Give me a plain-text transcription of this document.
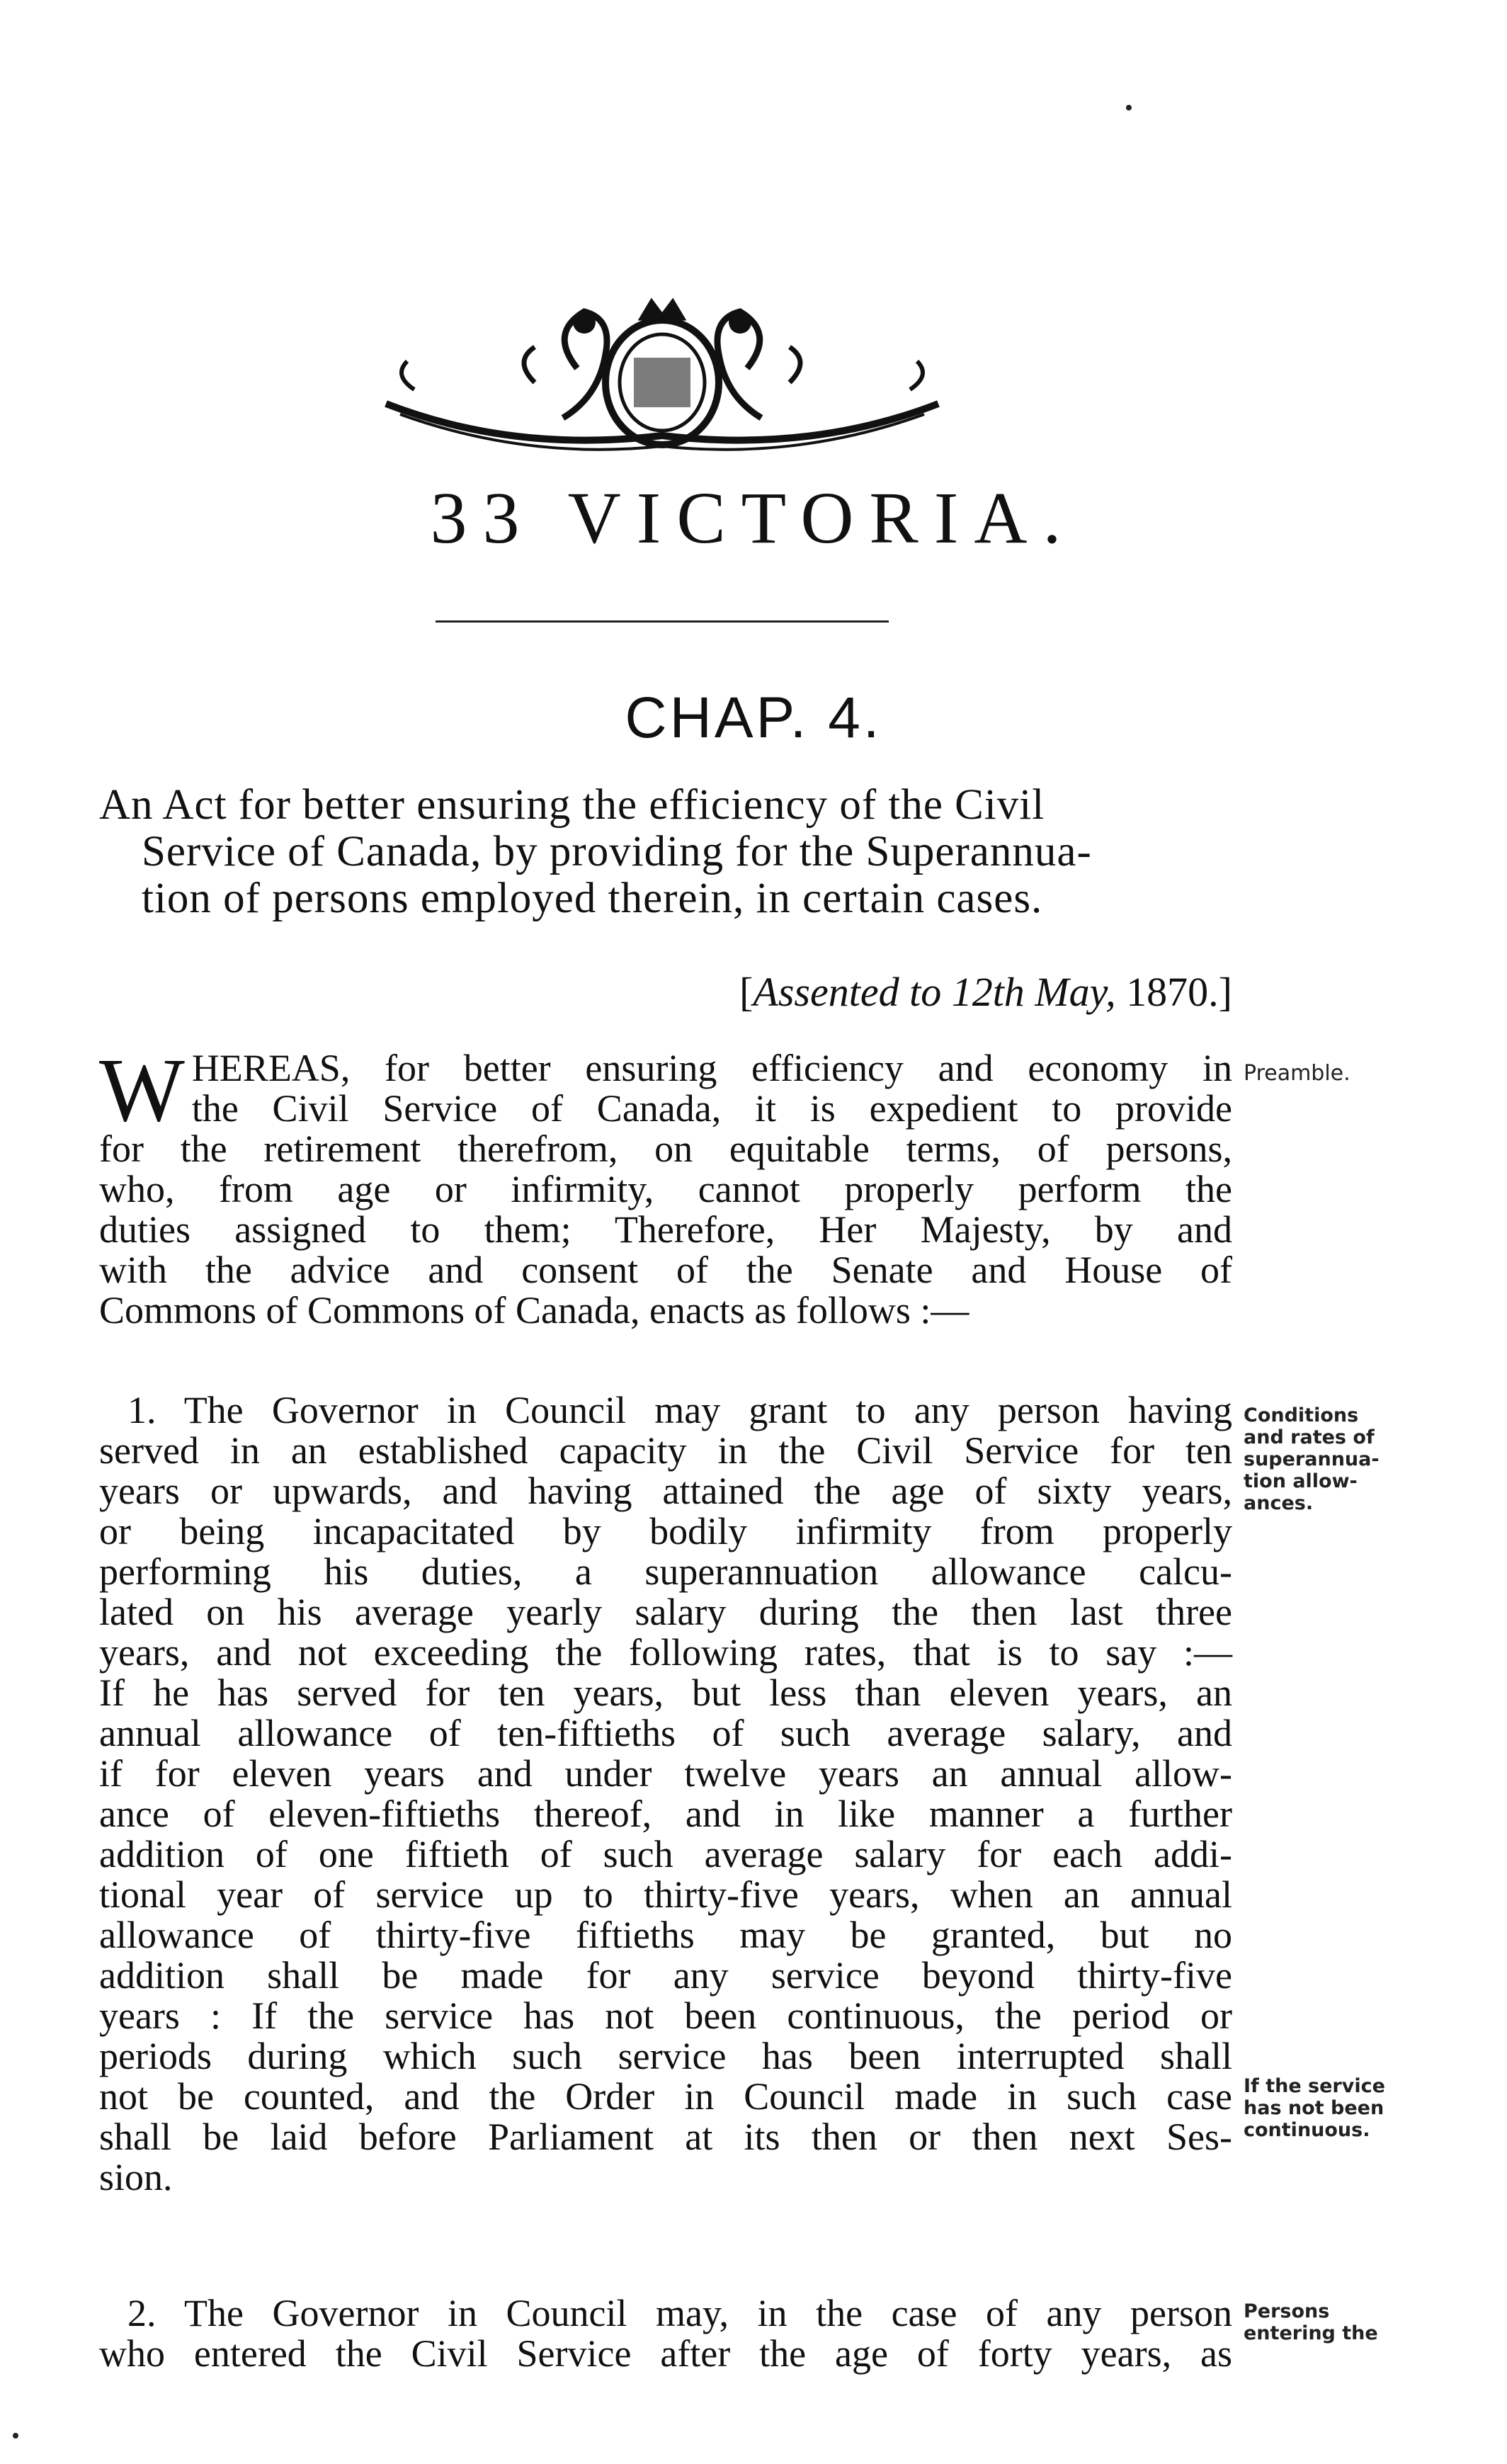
33 VICTORIA.
CHAP. 4.
An Act for better ensuring the efficiency of the Civil
Service of Canada, by providing for the Superannua-
tion of persons employed therein, in certain cases.
[Assented to 12th May, 1870.]
W HEREAS, for better ensuring efficiency and economy in
the Civil Service of Canada, it is expedient to provide
for the retirement therefrom, on equitable terms, of persons,
who, from age or infirmity, cannot properly perform the
duties assigned to them; Therefore, Her Majesty, by and
with the advice and consent of the Senate and House of
Commons of Commons of Canada, enacts as follows :—
1. The Governor in Council may grant to any person having
served in an established capacity in the Civil Service for ten
years or upwards, and having attained the age of sixty years,
or being incapacitated by bodily infirmity from properly
performing his duties, a superannuation allowance calcu-
lated on his average yearly salary during the then last three
years, and not exceeding the following rates, that is to say :—
If he has served for ten years, but less than eleven years, an
annual allowance of ten-fiftieths of such average salary, and
if for eleven years and under twelve years an annual allow-
ance of eleven-fiftieths thereof, and in like manner a further
addition of one fiftieth of such average salary for each addi-
tional year of service up to thirty-five years, when an annual
allowance of thirty-five fiftieths may be granted, but no
addition shall be made for any service beyond thirty-five
years : If the service has not been continuous, the period or
periods during which such service has been interrupted shall
not be counted, and the Order in Council made in such case
shall be laid before Parliament at its then or then next Ses-
sion.
2. The Governor in Council may, in the case of any person
who entered the Civil Service after the age of forty years, as
Preamble.
Conditions
and rates of
superannua-
tion allow-
ances.
If the service
has not been
continuous.
Persons
entering the
